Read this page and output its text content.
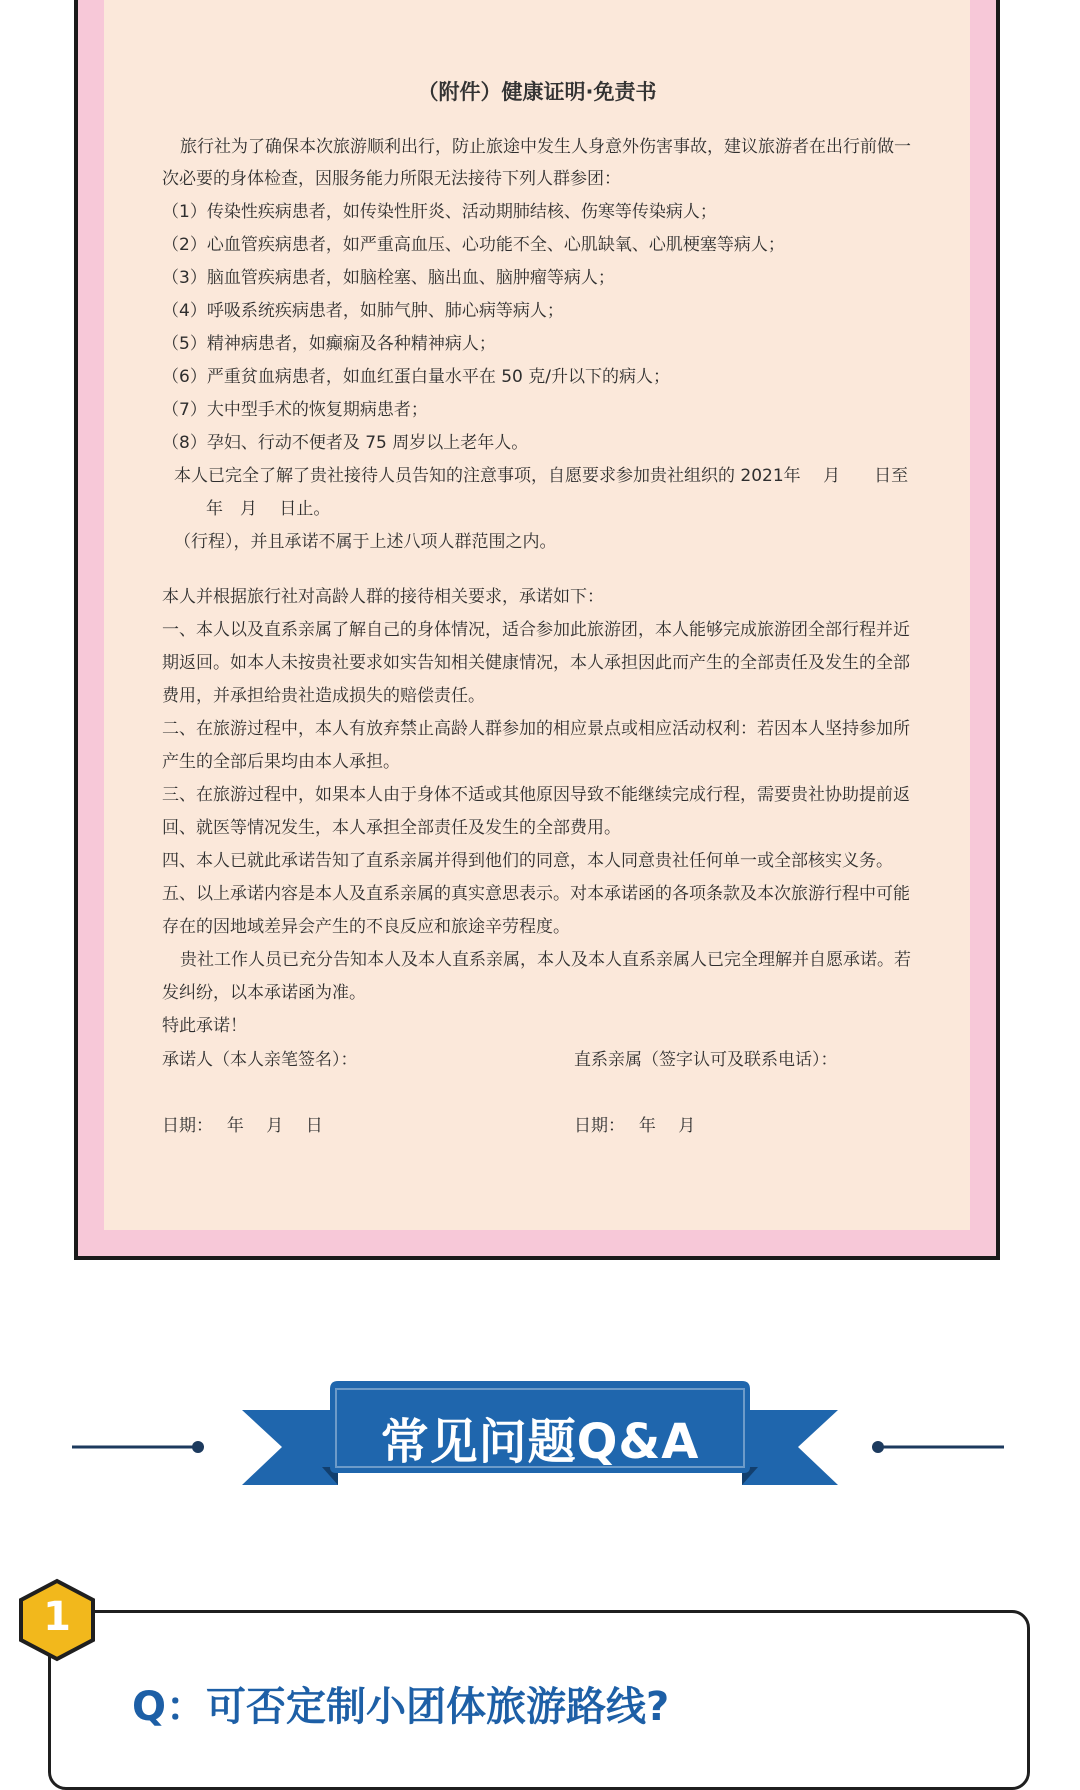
（附件）健康证明·免责书
旅行社为了确保本次旅游顺利出行，防止旅途中发生人身意外伤害事故，建议旅游者在出行前做一
次必要的身体检查，因服务能力所限无法接待下列人群参团：
（1）传染性疾病患者，如传染性肝炎、活动期肺结核、伤寒等传染病人；
（2）心血管疾病患者，如严重高血压、心功能不全、心肌缺氧、心肌梗塞等病人；
（3）脑血管疾病患者，如脑栓塞、脑出血、脑肿瘤等病人；
（4）呼吸系统疾病患者，如肺气肿、肺心病等病人；
（5）精神病患者，如癫痫及各种精神病人；
（6）严重贫血病患者，如血红蛋白量水平在 50 克/升以下的病人；
（7）大中型手术的恢复期病患者；
（8）孕妇、行动不便者及 75 周岁以上老年人。
本人已完全了解了贵社接待人员告知的注意事项，自愿要求参加贵社组织的 2021年　 月　　日至
年　月　 日止。
（行程），并且承诺不属于上述八项人群范围之内。
本人并根据旅行社对高龄人群的接待相关要求，承诺如下：
一、本人以及直系亲属了解自己的身体情况，适合参加此旅游团，本人能够完成旅游团全部行程并近
期返回。如本人未按贵社要求如实告知相关健康情况，本人承担因此而产生的全部责任及发生的全部
费用，并承担给贵社造成损失的赔偿责任。
二、在旅游过程中，本人有放弃禁止高龄人群参加的相应景点或相应活动权利：若因本人坚持参加所
产生的全部后果均由本人承担。
三、在旅游过程中，如果本人由于身体不适或其他原因导致不能继续完成行程，需要贵社协助提前返
回、就医等情况发生，本人承担全部责任及发生的全部费用。
四、本人已就此承诺告知了直系亲属并得到他们的同意，本人同意贵社任何单一或全部核实义务。
五、以上承诺内容是本人及直系亲属的真实意思表示。对本承诺函的各项条款及本次旅游行程中可能
存在的因地域差异会产生的不良反应和旅途辛劳程度。
贵社工作人员已充分告知本人及本人直系亲属，本人及本人直系亲属人已完全理解并自愿承诺。若
发纠纷，以本承诺函为准。
特此承诺！
承诺人（本人亲笔签名）：	直系亲属（签字认可及联系电话）：
日期：　 年　 月　 日	日期：　 年　 月
常见问题Q&A
1
Q：可否定制小团体旅游路线?
